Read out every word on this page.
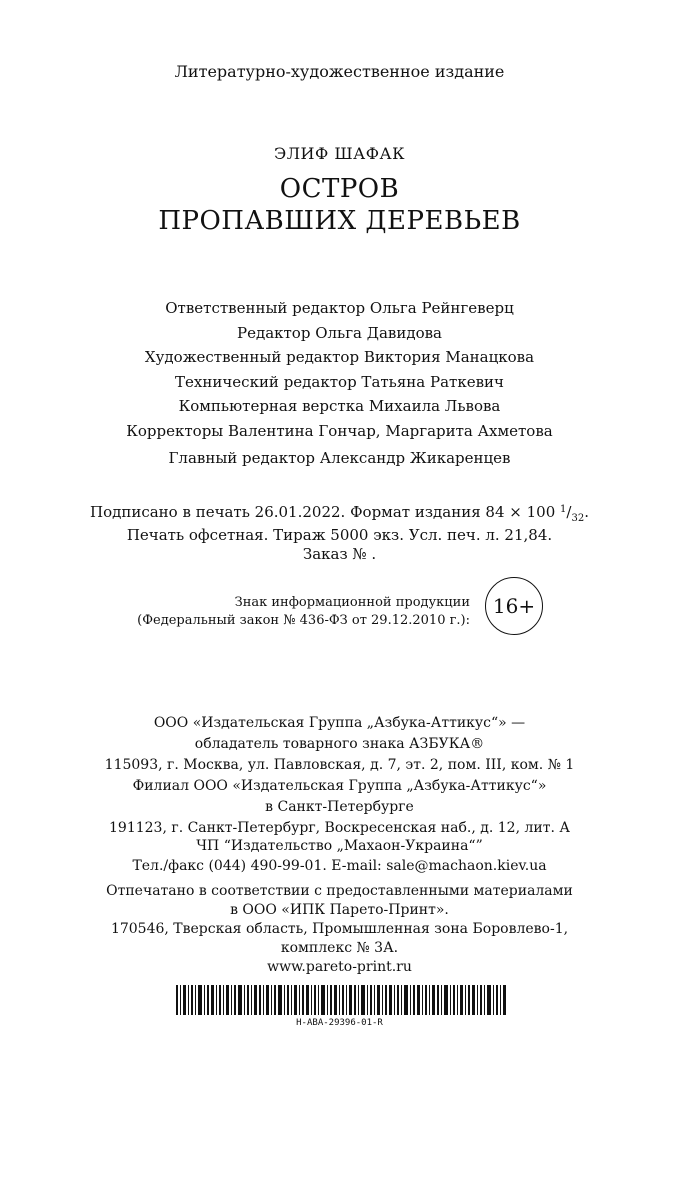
Литературно-художественное издание
ЭЛИФ ШАФАК
ОСТРОВ
ПРОПАВШИХ ДЕРЕВЬЕВ
Ответственный редактор Ольга Рейнгеверц
Редактор Ольга Давидова
Художественный редактор Виктория Манацкова
Технический редактор Татьяна Раткевич
Компьютерная верстка Михаила Львова
Корректоры Валентина Гончар, Маргарита Ахметова
Главный редактор Александр Жикаренцев
Подписано в печать 26.01.2022. Формат издания 84 × 100 $^1/_{32}$.
Печать офсетная. Тираж 5000 экз. Усл. печ. л. 21,84.
Заказ № .
Знак информационной продукции
(Федеральный закон № 436-ФЗ от 29.12.2010 г.):
16+
ООО «Издательская Группа „Азбука-Аттикус“» —
обладатель товарного знака АЗБУКА®
115093, г. Москва, ул. Павловская, д. 7, эт. 2, пом. III, ком. № 1
Филиал ООО «Издательская Группа „Азбука-Аттикус“»
в Санкт-Петербурге
191123, г. Санкт-Петербург, Воскресенская наб., д. 12, лит. А
ЧП “Издательство „Махаон-Украина“”
Тел./факс (044) 490-99-01. E-mail: sale@machaon.kiev.ua
Отпечатано в соответствии с предоставленными материалами
в ООО «ИПК Парето-Принт».
170546, Тверская область, Промышленная зона Боровлево-1,
комплекс № 3А.
www.pareto-print.ru
H-ABA-29396-01-R
